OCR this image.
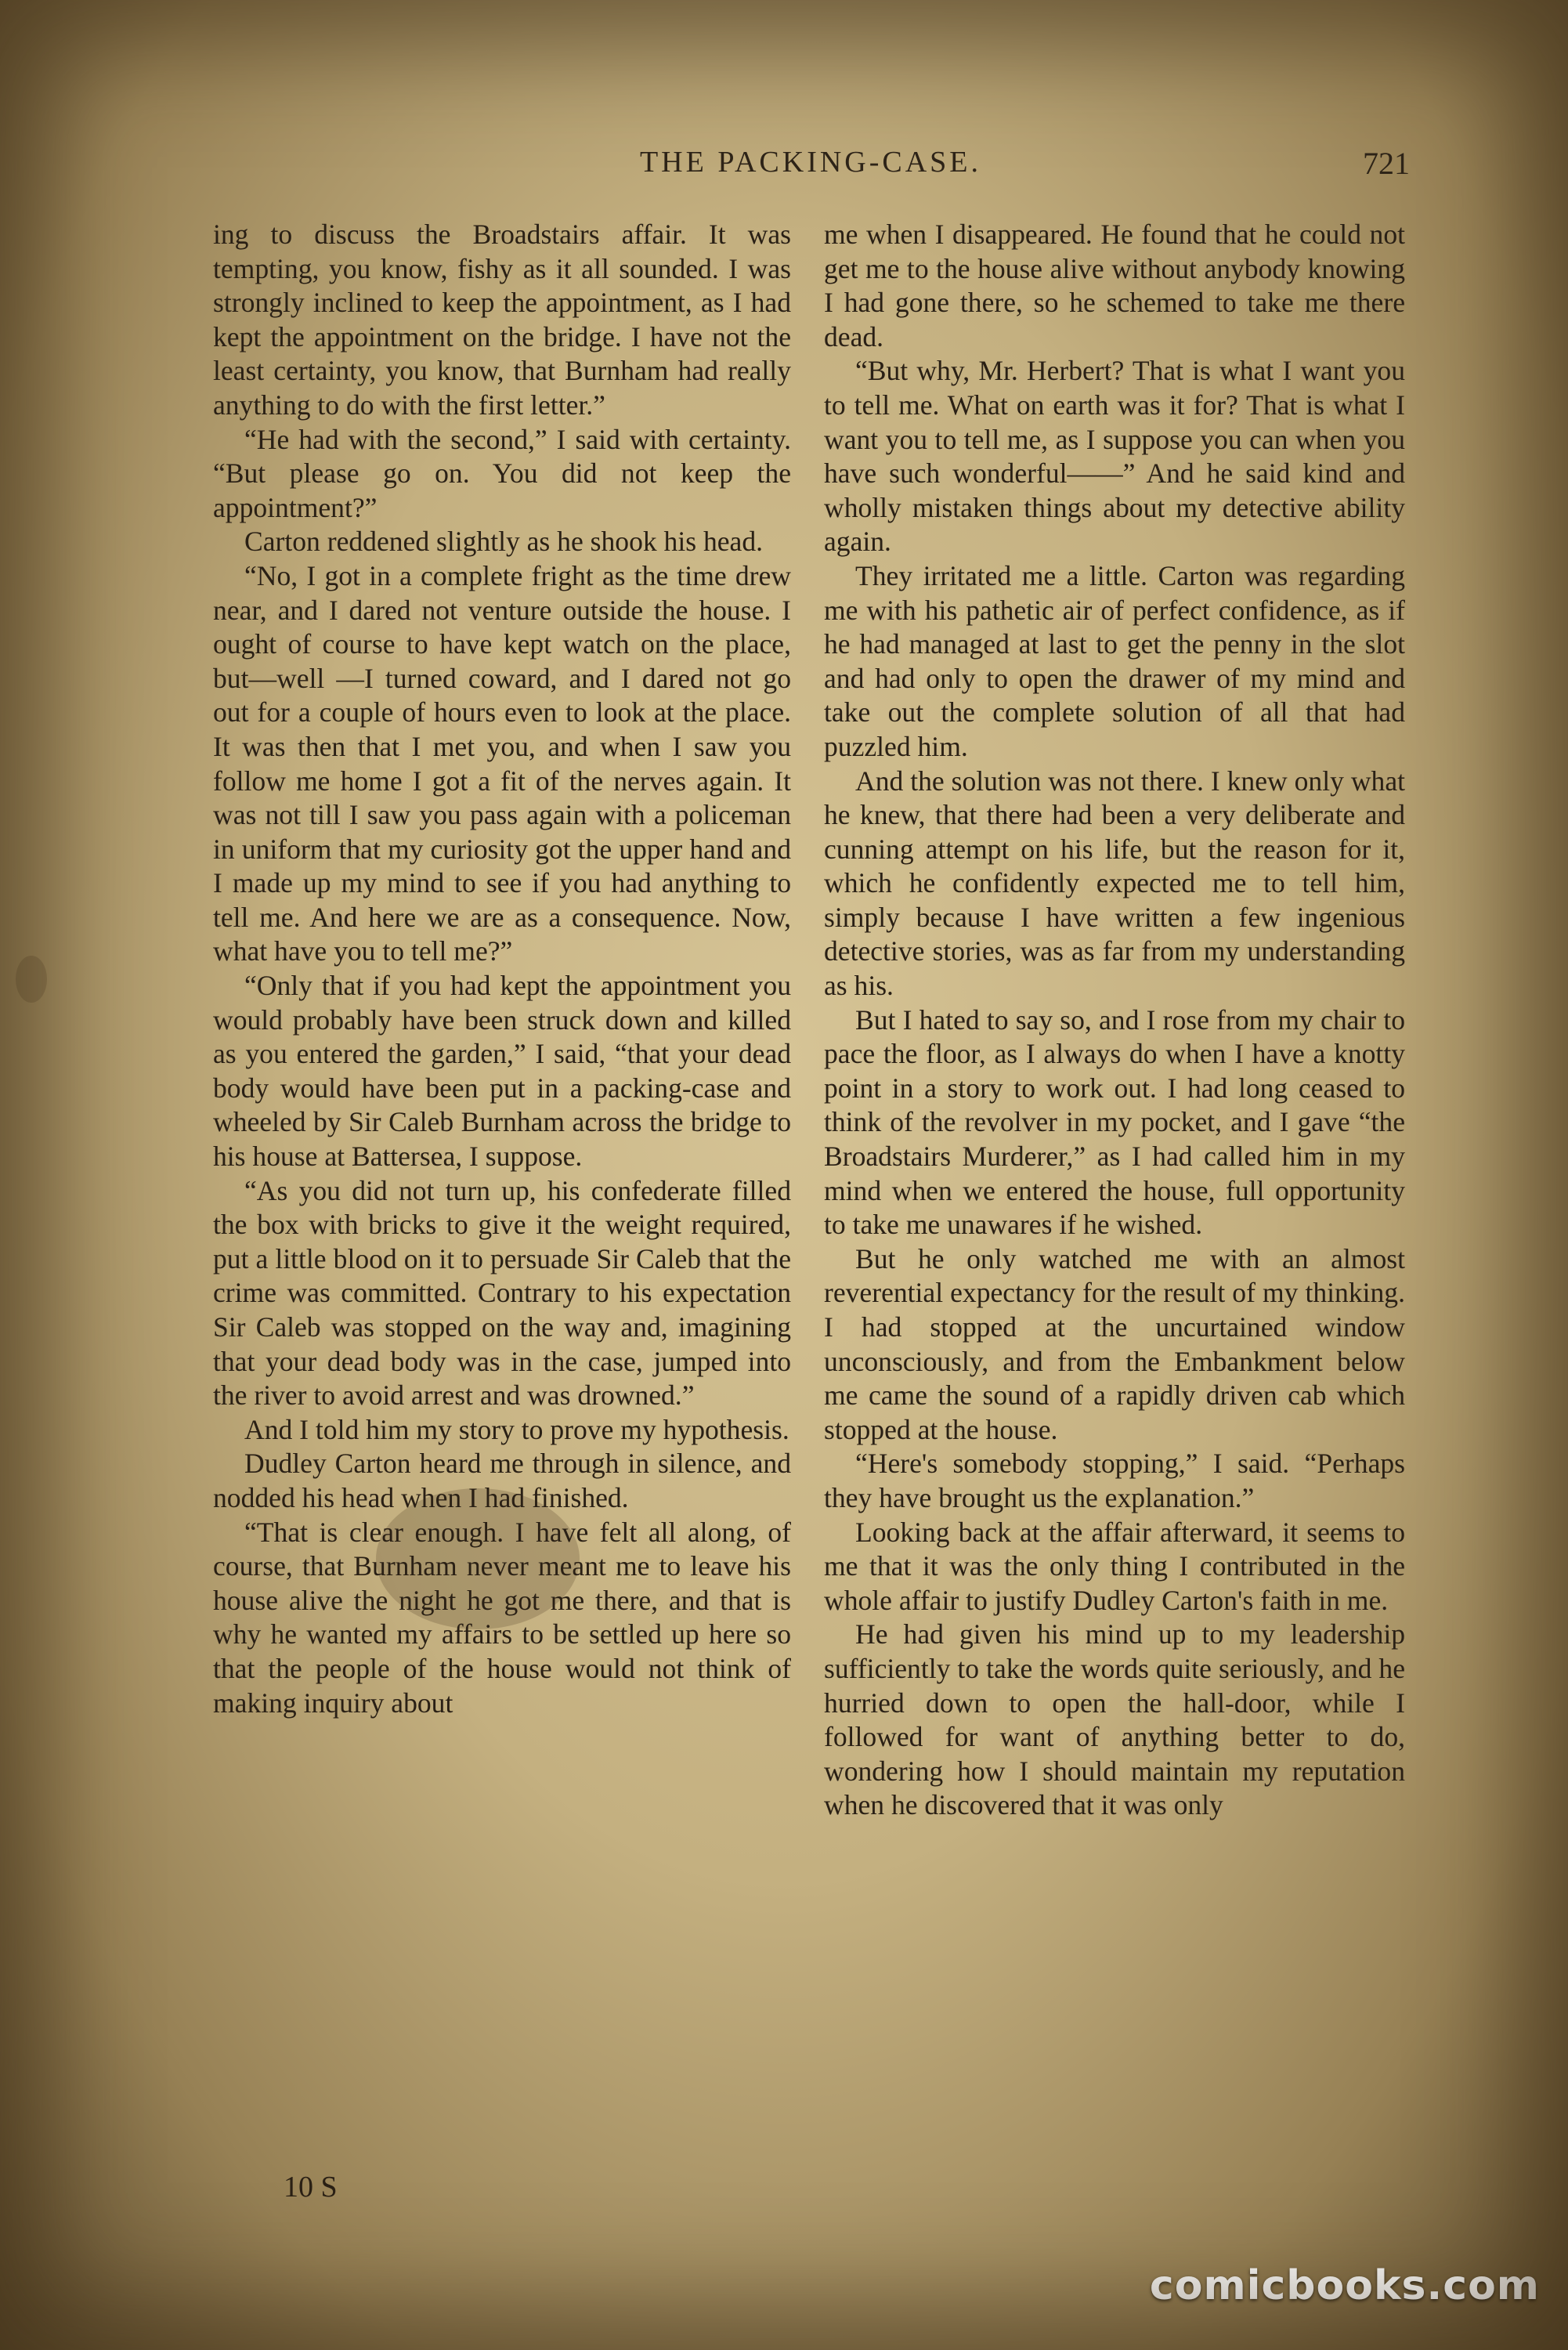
THE PACKING-CASE.	721

ing to discuss the Broadstairs affair. It was tempting, you know, fishy as it all sounded. I was strongly inclined to keep the appointment, as I had kept the appointment on the bridge. I have not the least certainty, you know, that Burnham had really anything to do with the first letter.”

“He had with the second,” I said with certainty. “But please go on. You did not keep the appointment?”

Carton reddened slightly as he shook his head.

“No, I got in a complete fright as the time drew near, and I dared not venture outside the house. I ought of course to have kept watch on the place, but—well —I turned coward, and I dared not go out for a couple of hours even to look at the place. It was then that I met you, and when I saw you follow me home I got a fit of the nerves again. It was not till I saw you pass again with a policeman in uniform that my curiosity got the upper hand and I made up my mind to see if you had anything to tell me. And here we are as a consequence. Now, what have you to tell me?”

“Only that if you had kept the appointment you would probably have been struck down and killed as you entered the garden,” I said, “that your dead body would have been put in a packing-case and wheeled by Sir Caleb Burnham across the bridge to his house at Battersea, I suppose.

“As you did not turn up, his confederate filled the box with bricks to give it the weight required, put a little blood on it to persuade Sir Caleb that the crime was committed. Contrary to his expectation Sir Caleb was stopped on the way and, imagining that your dead body was in the case, jumped into the river to avoid arrest and was drowned.”

And I told him my story to prove my hypothesis.

Dudley Carton heard me through in silence, and nodded his head when I had finished.

“That is clear enough. I have felt all along, of course, that Burnham never meant me to leave his house alive the night he got me there, and that is why he wanted my affairs to be settled up here so that the people of the house would not think of making inquiry about

me when I disappeared. He found that he could not get me to the house alive without anybody knowing I had gone there, so he schemed to take me there dead.

“But why, Mr. Herbert? That is what I want you to tell me. What on earth was it for? That is what I want you to tell me, as I suppose you can when you have such wonderful——” And he said kind and wholly mistaken things about my detective ability again.

They irritated me a little. Carton was regarding me with his pathetic air of perfect confidence, as if he had managed at last to get the penny in the slot and had only to open the drawer of my mind and take out the complete solution of all that had puzzled him.

And the solution was not there. I knew only what he knew, that there had been a very deliberate and cunning attempt on his life, but the reason for it, which he confidently expected me to tell him, simply because I have written a few ingenious detective stories, was as far from my understanding as his.

But I hated to say so, and I rose from my chair to pace the floor, as I always do when I have a knotty point in a story to work out. I had long ceased to think of the revolver in my pocket, and I gave “the Broadstairs Murderer,” as I had called him in my mind when we entered the house, full opportunity to take me unawares if he wished.

But he only watched me with an almost reverential expectancy for the result of my thinking. I had stopped at the uncurtained window unconsciously, and from the Embankment below me came the sound of a rapidly driven cab which stopped at the house.

“Here's somebody stopping,” I said. “Perhaps they have brought us the explanation.”

Looking back at the affair afterward, it seems to me that it was the only thing I contributed in the whole affair to justify Dudley Carton's faith in me.

He had given his mind up to my leadership sufficiently to take the words quite seriously, and he hurried down to open the hall-door, while I followed for want of anything better to do, wondering how I should maintain my reputation when he discovered that it was only

10 S
comicbooks.com
